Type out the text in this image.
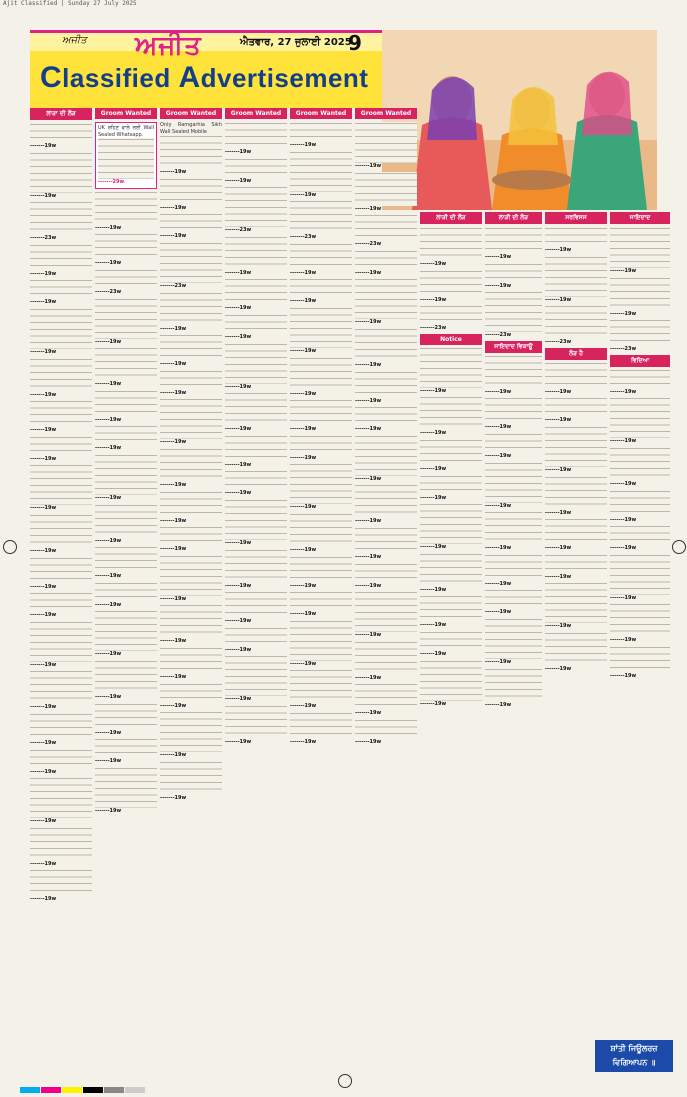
Ajit Classified | Sunday 27 July 2025
ਅਜੀਤ ਅਜੀਤ	ਐਤਵਾਰ, 27 ਜੁਲਾਈ 2025
9
Classified Advertisement
ਲਾੜਾ ਦੀ ਲੋੜ
-------19w
-------19w
-------23w
-------19w
-------19w
-------19w
-------19w
-------19w
-------19w
-------19w
-------19w
-------19w
-------19w
-------19w
-------19w
-------19w
-------19w
-------19w
-------19w
-------19w
Groom Wanted
UK ਰਹਿਣ ਵਾਲੇ ਲਈ Wall Sealed Whatsapp.
-------29w
-------19w
-------19w
-------23w
-------19w
-------19w
-------19w
-------19w
-------19w
-------19w
-------19w
-------19w
-------19w
-------19w
-------19w
-------19w
-------19w
Groom Wanted
Only Ramgarhia Sikh Wall Sealed Mobile
-------19w
-------19w
-------19w
-------23w
-------19w
-------19w
-------19w
-------19w
-------19w
-------19w
-------19w
-------19w
-------19w
-------19w
-------19w
-------19w
-------19w
Groom Wanted
-------19w
-------19w
-------23w
-------19w
-------19w
-------19w
-------19w
-------19w
-------19w
-------19w
-------19w
-------19w
-------19w
-------19w
-------19w
-------19w
Groom Wanted
-------19w
-------19w
-------23w
-------19w
-------19w
-------19w
-------19w
-------19w
-------19w
-------19w
-------19w
-------19w
-------19w
-------19w
-------19w
-------19w
Groom Wanted
-------19w
-------19w
-------23w
-------19w
-------19w
-------19w
-------19w
-------19w
-------19w
-------19w
-------19w
-------19w
-------19w
-------19w
-------19w
-------19w
ਲਾੜੀ ਦੀ ਲੋੜ
-------19w
-------19w
-------23w
Notice
-------19w
-------19w
-------19w
-------19w
-------19w
-------19w
-------19w
-------19w
-------19w
ਲਾੜੀ ਦੀ ਲੋੜ
-------19w
-------19w
-------23w
ਜਾਇਦਾਦ ਵਿਕਾਊ
-------19w
-------19w
-------19w
-------19w
-------19w
-------19w
-------19w
-------19w
-------19w
ਸਰਵਿਸਸ
-------19w
-------19w
-------23w
ਲੋੜ ਹੈ
-------19w
-------19w
-------19w
-------19w
-------19w
-------19w
-------19w
-------19w
ਜਾਇਦਾਦ
-------19w
-------19w
-------23w
ਵਿਦਿਆ
-------19w
-------19w
-------19w
-------19w
-------19w
-------19w
-------19w
-------19w
ਸ਼ਾਂਤੀ ਜਿਊਲਰਜ਼ ਵਿਗਿਆਪਨ ॥
